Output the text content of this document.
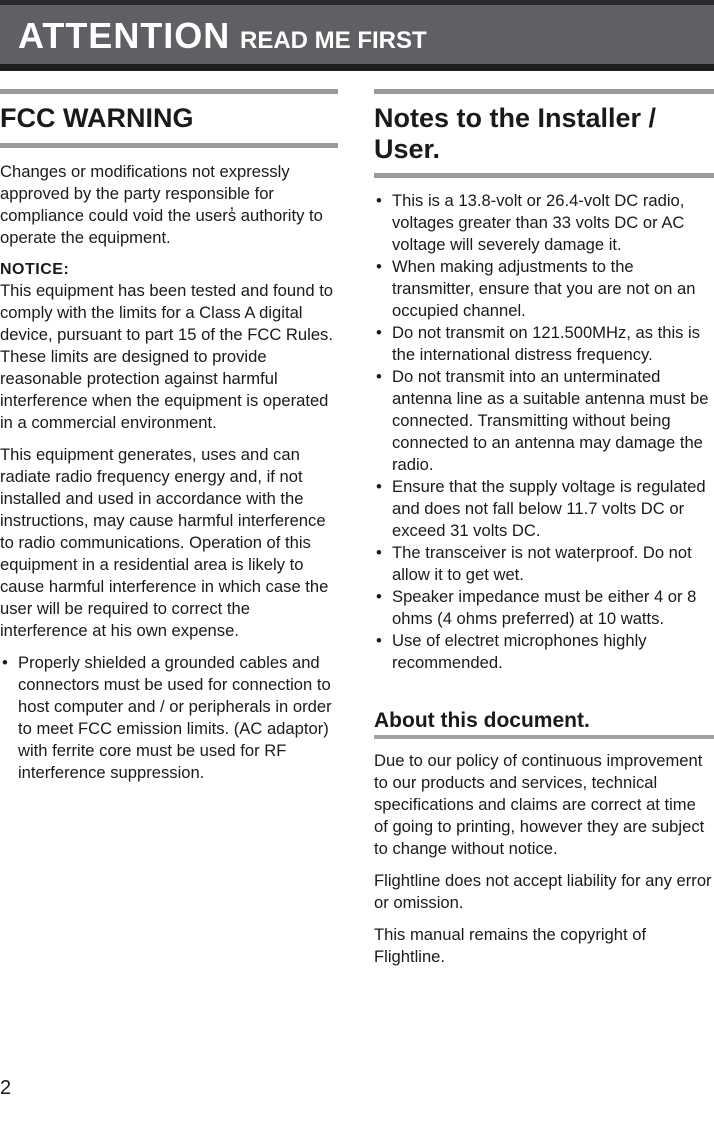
ATTENTION READ ME FIRST
FCC WARNING

Changes or modifications not expressly approved by the party responsible for compliance could void the users̓ authority to operate the equipment.

NOTICE:

This equipment has been tested and found to comply with the limits for a Class A digital device, pursuant to part 15 of the FCC Rules. These limits are designed to provide reasonable protection against harmful interference when the equipment is operated in a commercial environment.

This equipment generates, uses and can radiate radio frequency energy and, if not installed and used in accordance with the instructions, may cause harmful interference to radio communications. Operation of this equipment in a residential area is likely to cause harmful interference in which case the user will be required to correct the interference at his own expense.

• Properly shielded a grounded cables and connectors must be used for connection to host computer and / or peripherals in order to meet FCC emission limits. (AC adaptor) with ferrite core must be used for RF interference suppression.
Notes to the Installer / User.
• This is a 13.8-volt or 26.4-volt DC radio, voltages greater than 33 volts DC or AC voltage will severely damage it.
• When making adjustments to the transmitter, ensure that you are not on an occupied channel.
• Do not transmit on 121.500MHz, as this is the international distress frequency.
• Do not transmit into an unterminated antenna line as a suitable antenna must be connected. Transmitting without being connected to an antenna may damage the radio.
• Ensure that the supply voltage is regulated and does not fall below 11.7 volts DC or exceed 31 volts DC.
• The transceiver is not waterproof. Do not allow it to get wet.
• Speaker impedance must be either 4 or 8 ohms (4 ohms preferred) at 10 watts.
• Use of electret microphones highly recommended.
About this document.

Due to our policy of continuous improvement to our products and services, technical specifications and claims are correct at time of going to printing, however they are subject to change without notice.

Flightline does not accept liability for any error or omission.

This manual remains the copyright of Flightline.

2
